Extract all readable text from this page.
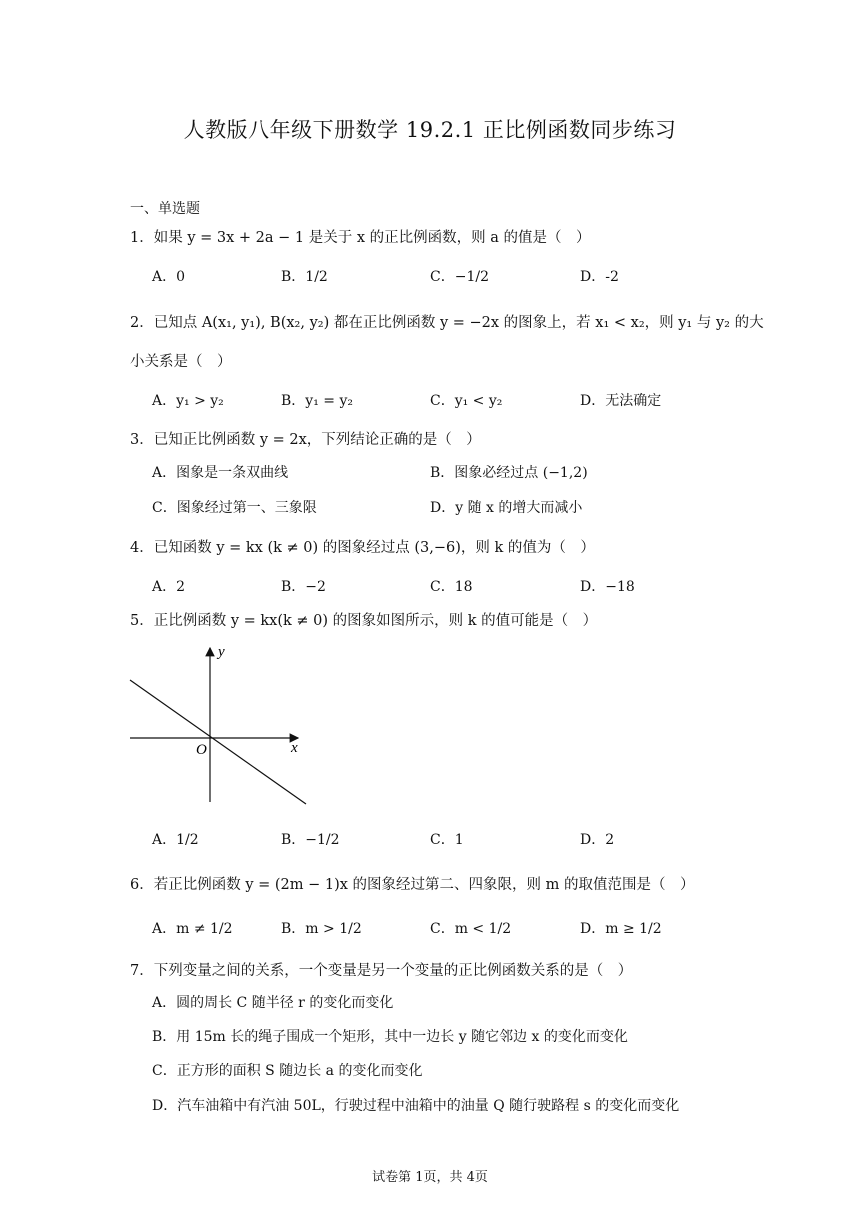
人教版八年级下册数学 19.2.1 正比例函数同步练习
一、单选题
1．如果 y = 3x + 2a − 1 是关于 x 的正比例函数，则 a 的值是（　）
A．0	B．1/2	C．−1/2	D．-2
2．已知点 A(x₁, y₁), B(x₂, y₂) 都在正比例函数 y = −2x 的图象上，若 x₁ < x₂，则 y₁ 与 y₂ 的大
小关系是（　）
A．y₁ > y₂	B．y₁ = y₂	C．y₁ < y₂	D．无法确定
3．已知正比例函数 y = 2x，下列结论正确的是（　）
A．图象是一条双曲线	B．图象必经过点 (−1,2)
C．图象经过第一、三象限	D．y 随 x 的增大而减小
4．已知函数 y = kx (k ≠ 0) 的图象经过点 (3,−6)，则 k 的值为（　）
A．2	B．−2	C．18	D．−18
5．正比例函数 y = kx(k ≠ 0) 的图象如图所示，则 k 的值可能是（　）
y
x
O
A．1/2	B．−1/2	C．1	D．2
6．若正比例函数 y = (2m − 1)x 的图象经过第二、四象限，则 m 的取值范围是（　）
A．m ≠ 1/2	B．m > 1/2	C．m < 1/2	D．m ≥ 1/2
7．下列变量之间的关系，一个变量是另一个变量的正比例函数关系的是（　）
A．圆的周长 C 随半径 r 的变化而变化
B．用 15m 长的绳子围成一个矩形，其中一边长 y 随它邻边 x 的变化而变化
C．正方形的面积 S 随边长 a 的变化而变化
D．汽车油箱中有汽油 50L，行驶过程中油箱中的油量 Q 随行驶路程 s 的变化而变化
试卷第 1页，共 4页
